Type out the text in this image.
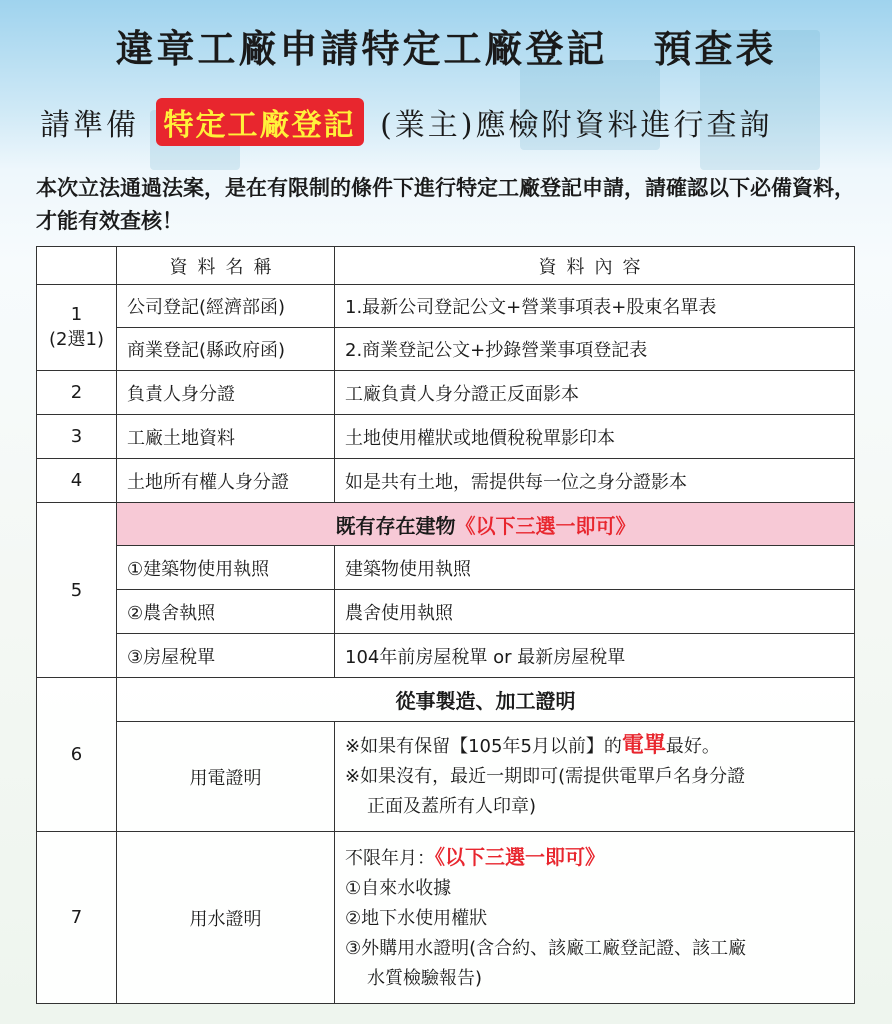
違章工廠申請特定工廠登記 預查表
請準備 特定工廠登記 (業主)應檢附資料進行查詢
本次立法通過法案，是在有限制的條件下進行特定工廠登記申請，請確認以下必備資料，才能有效查核！
	資料名稱	資料內容

1
(2選1)	公司登記(經濟部函)	1.最新公司登記公文+營業事項表+股東名單表
	商業登記(縣政府函)	2.商業登記公文+抄錄營業事項登記表
2	負責人身分證	工廠負責人身分證正反面影本
3	工廠土地資料	土地使用權狀或地價稅稅單影印本
4	土地所有權人身分證	如是共有土地，需提供每一位之身分證影本
5	既有存在建物《以下三選一即可》	
	①建築物使用執照	建築物使用執照
	②農舍執照	農舍使用執照
	③房屋稅單	104年前房屋稅單 or 最新房屋稅單
6	從事製造、加工證明	
	用電證明	※如果有保留【105年5月以前】的電單最好。
※如果沒有，最近一期即可(需提供電單戶名身分證
正面及蓋所有人印章)

7	用水證明	不限年月：《以下三選一即可》
①自來水收據
②地下水使用權狀
③外購用水證明(含合約、該廠工廠登記證、該工廠
水質檢驗報告)
